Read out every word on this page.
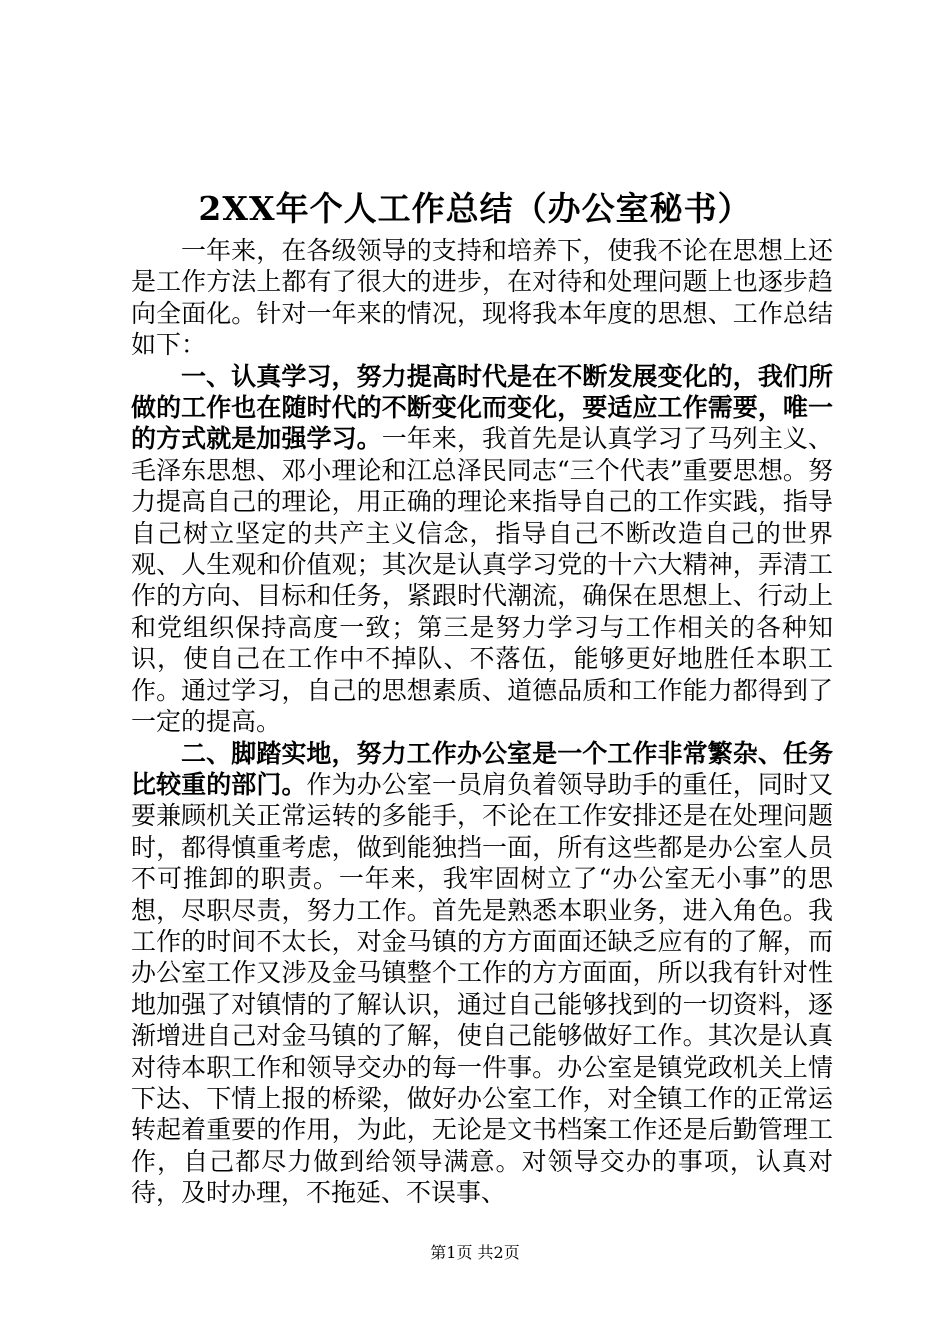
2XX年个人工作总结（办公室秘书）

一年来，在各级领导的支持和培养下，使我不论在思想上还是工作方法上都有了很大的进步，在对待和处理问题上也逐步趋向全面化。针对一年来的情况，现将我本年度的思想、工作总结如下：

一、认真学习，努力提高时代是在不断发展变化的，我们所做的工作也在随时代的不断变化而变化，要适应工作需要，唯一的方式就是加强学习。一年来，我首先是认真学习了马列主义、毛泽东思想、邓小理论和江总泽民同志“三个代表”重要思想。努力提高自己的理论，用正确的理论来指导自己的工作实践，指导自己树立坚定的共产主义信念，指导自己不断改造自己的世界观、人生观和价值观；其次是认真学习党的十六大精神，弄清工作的方向、目标和任务，紧跟时代潮流，确保在思想上、行动上和党组织保持高度一致；第三是努力学习与工作相关的各种知识，使自己在工作中不掉队、不落伍，能够更好地胜任本职工作。通过学习，自己的思想素质、道德品质和工作能力都得到了一定的提高。

二、脚踏实地，努力工作办公室是一个工作非常繁杂、任务比较重的部门。作为办公室一员肩负着领导助手的重任，同时又要兼顾机关正常运转的多能手，不论在工作安排还是在处理问题时，都得慎重考虑，做到能独挡一面，所有这些都是办公室人员不可推卸的职责。一年来，我牢固树立了“办公室无小事”的思想，尽职尽责，努力工作。首先是熟悉本职业务，进入角色。我工作的时间不太长，对金马镇的方方面面还缺乏应有的了解，而办公室工作又涉及金马镇整个工作的方方面面，所以我有针对性地加强了对镇情的了解认识，通过自己能够找到的一切资料，逐渐增进自己对金马镇的了解，使自己能够做好工作。其次是认真对待本职工作和领导交办的每一件事。办公室是镇党政机关上情下达、下情上报的桥梁，做好办公室工作，对全镇工作的正常运转起着重要的作用，为此，无论是文书档案工作还是后勤管理工作，自己都尽力做到给领导满意。对领导交办的事项，认真对待，及时办理，不拖延、不误事、

第1页 共2页
